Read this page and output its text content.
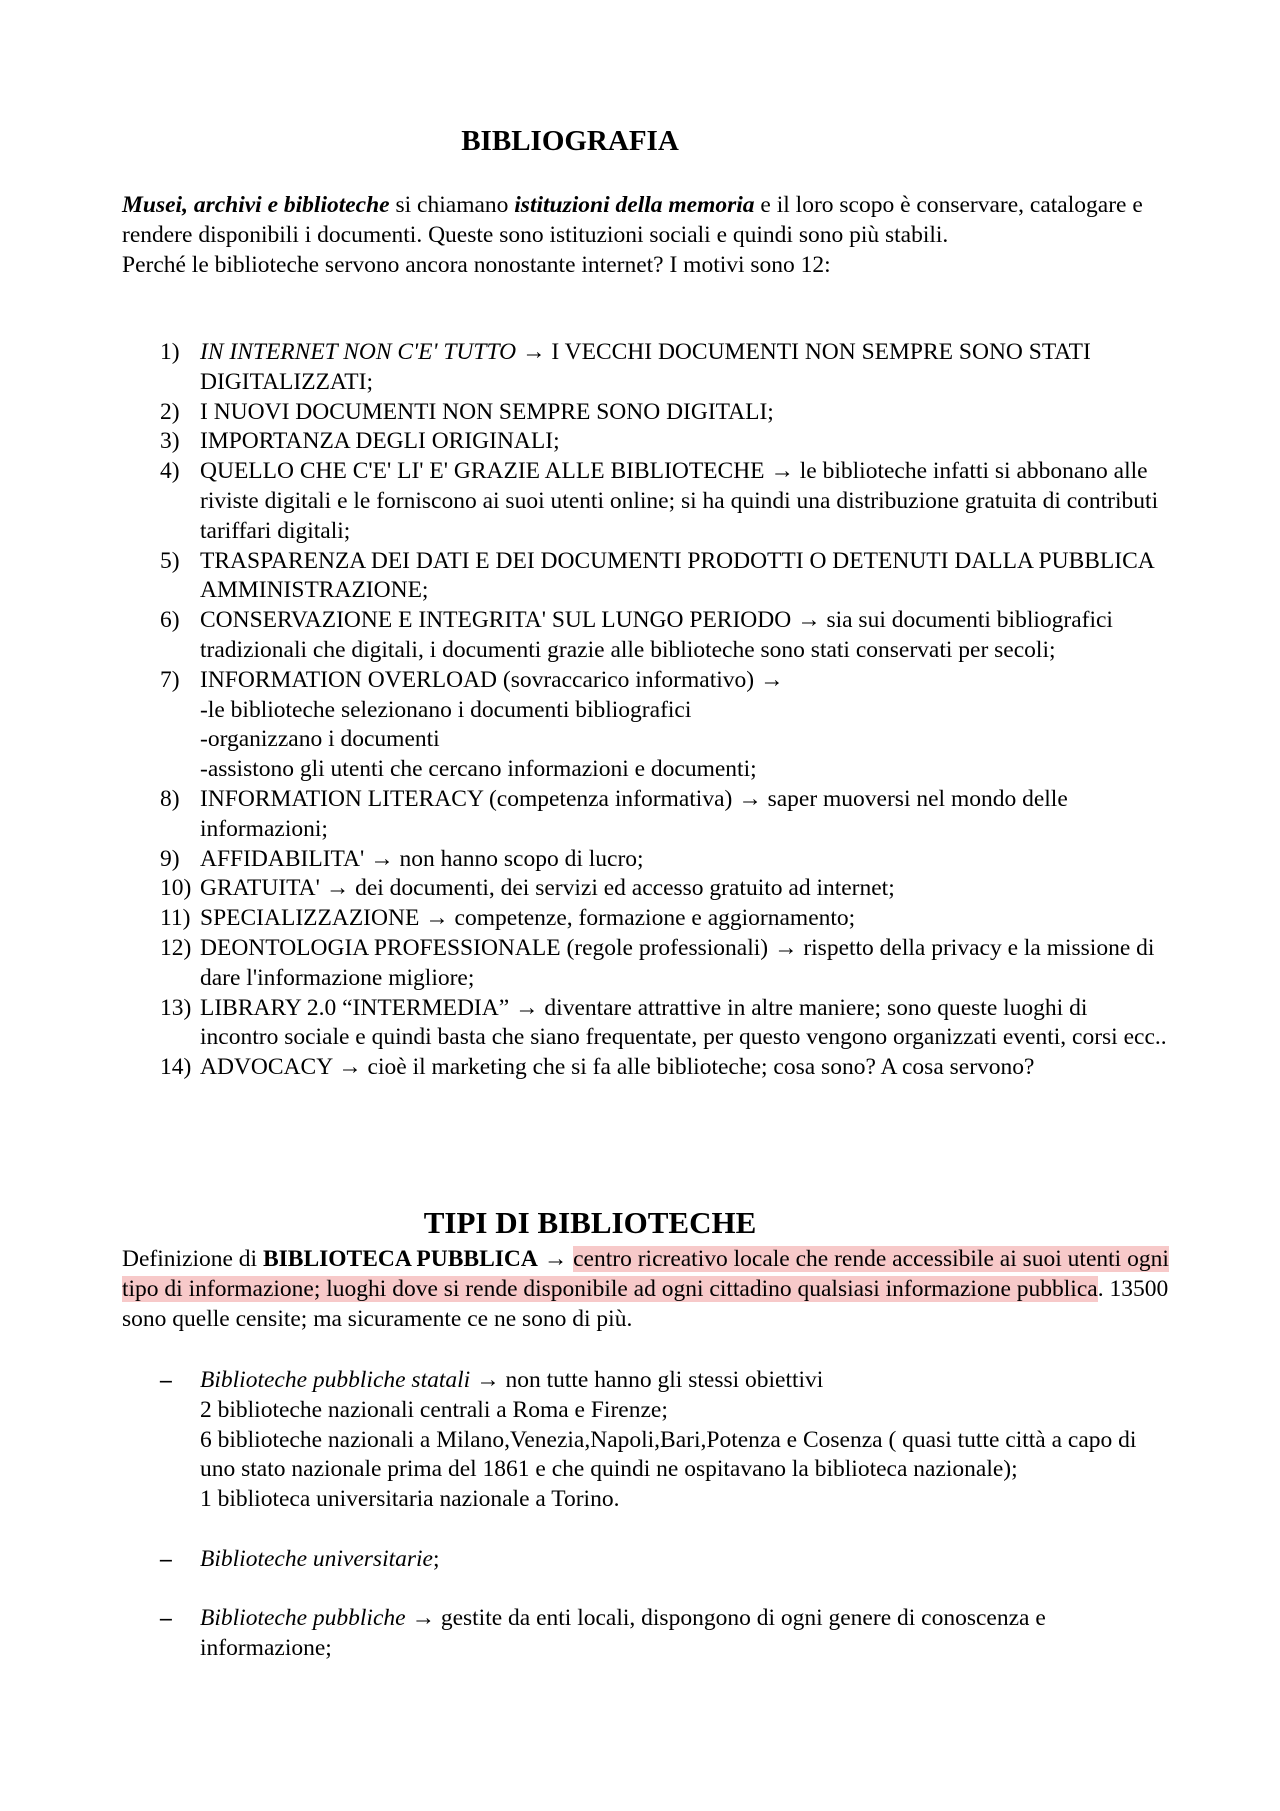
BIBLIOGRAFIA

Musei, archivi e biblioteche si chiamano istituzioni della memoria e il loro scopo è conservare, catalogare e rendere disponibili i documenti. Queste sono istituzioni sociali e quindi sono più stabili.
Perché le biblioteche servono ancora nonostante internet? I motivi sono 12:

1) IN INTERNET NON C'E' TUTTO → I VECCHI DOCUMENTI NON SEMPRE SONO STATI DIGITALIZZATI;
2) I NUOVI DOCUMENTI NON SEMPRE SONO DIGITALI;
3) IMPORTANZA DEGLI ORIGINALI;
4) QUELLO CHE C'E' LI' E' GRAZIE ALLE BIBLIOTECHE → le biblioteche infatti si abbonano alle riviste digitali e le forniscono ai suoi utenti online; si ha quindi una distribuzione gratuita di contributi tariffari digitali;
5) TRASPARENZA DEI DATI E DEI DOCUMENTI PRODOTTI O DETENUTI DALLA PUBBLICA AMMINISTRAZIONE;
6) CONSERVAZIONE E INTEGRITA' SUL LUNGO PERIODO → sia sui documenti bibliografici tradizionali che digitali, i documenti grazie alle biblioteche sono stati conservati per secoli;
7) INFORMATION OVERLOAD (sovraccarico informativo) →
-le biblioteche selezionano i documenti bibliografici
-organizzano i documenti
-assistono gli utenti che cercano informazioni e documenti;
8) INFORMATION LITERACY (competenza informativa) → saper muoversi nel mondo delle informazioni;
9) AFFIDABILITA' → non hanno scopo di lucro;
10) GRATUITA' → dei documenti, dei servizi ed accesso gratuito ad internet;
11) SPECIALIZZAZIONE → competenze, formazione e aggiornamento;
12) DEONTOLOGIA PROFESSIONALE (regole professionali) → rispetto della privacy e la missione di dare l'informazione migliore;
13) LIBRARY 2.0 “INTERMEDIA” → diventare attrattive in altre maniere; sono queste luoghi di incontro sociale e quindi basta che siano frequentate, per questo vengono organizzati eventi, corsi ecc..
14) ADVOCACY → cioè il marketing che si fa alle biblioteche; cosa sono? A cosa servono?
TIPI DI BIBLIOTECHE

Definizione di BIBLIOTECA PUBBLICA → centro ricreativo locale che rende accessibile ai suoi utenti ogni tipo di informazione; luoghi dove si rende disponibile ad ogni cittadino qualsiasi informazione pubblica. 13500 sono quelle censite; ma sicuramente ce ne sono di più.

– Biblioteche pubbliche statali → non tutte hanno gli stessi obiettivi
2 biblioteche nazionali centrali a Roma e Firenze;
6 biblioteche nazionali a Milano,Venezia,Napoli,Bari,Potenza e Cosenza ( quasi tutte città a capo di uno stato nazionale prima del 1861 e che quindi ne ospitavano la biblioteca nazionale);
1 biblioteca universitaria nazionale a Torino.
– Biblioteche universitarie;
– Biblioteche pubbliche → gestite da enti locali, dispongono di ogni genere di conoscenza e informazione;
